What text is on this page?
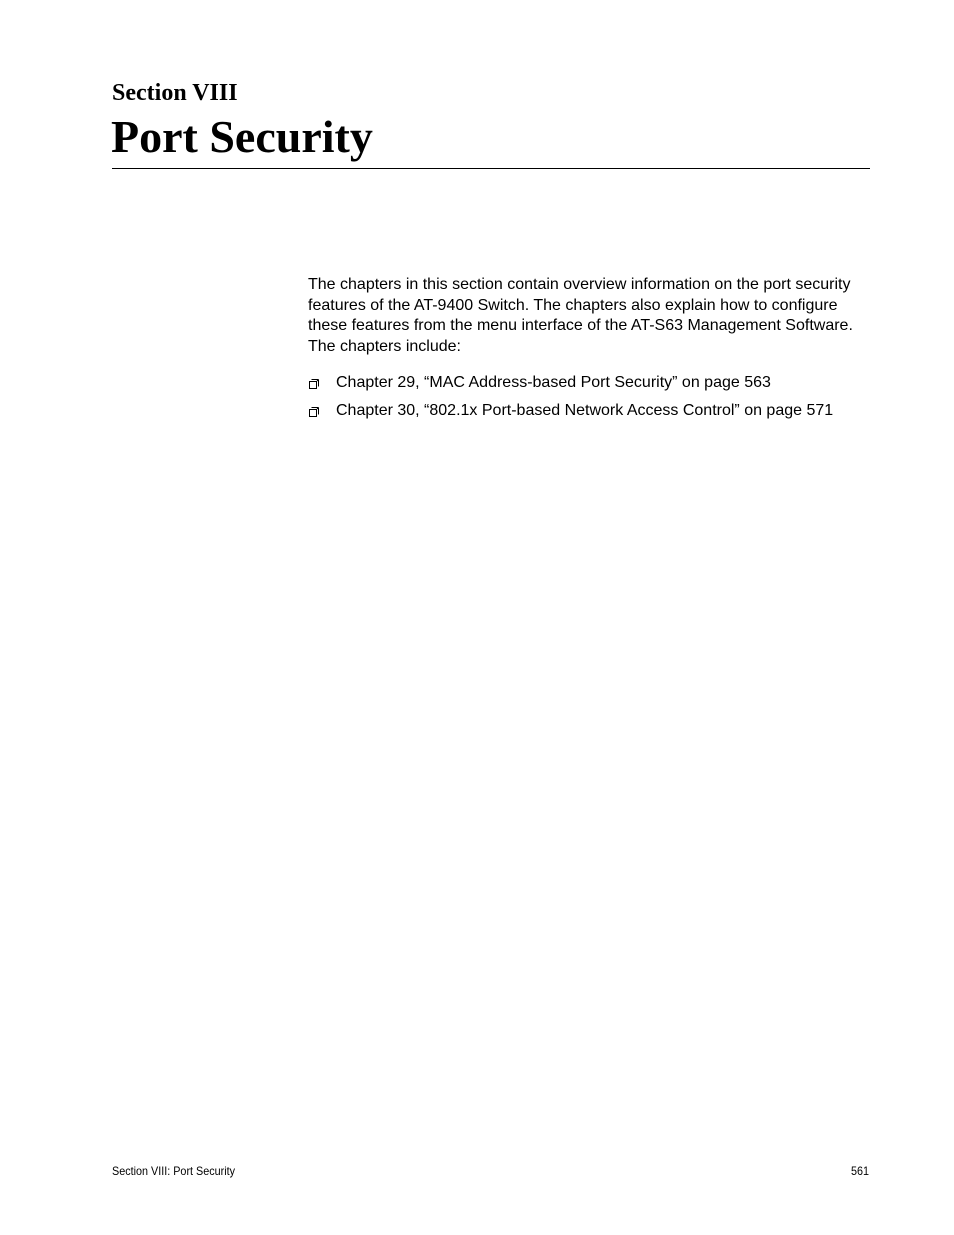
Section VIII
Port Security

The chapters in this section contain overview information on the port security features of the AT-9400 Switch. The chapters also explain how to configure these features from the menu interface of the AT-S63 Management Software. The chapters include:

Chapter 29, “MAC Address-based Port Security” on page 563
Chapter 30, “802.1x Port-based Network Access Control” on page 571

Section VIII: Port Security	561
